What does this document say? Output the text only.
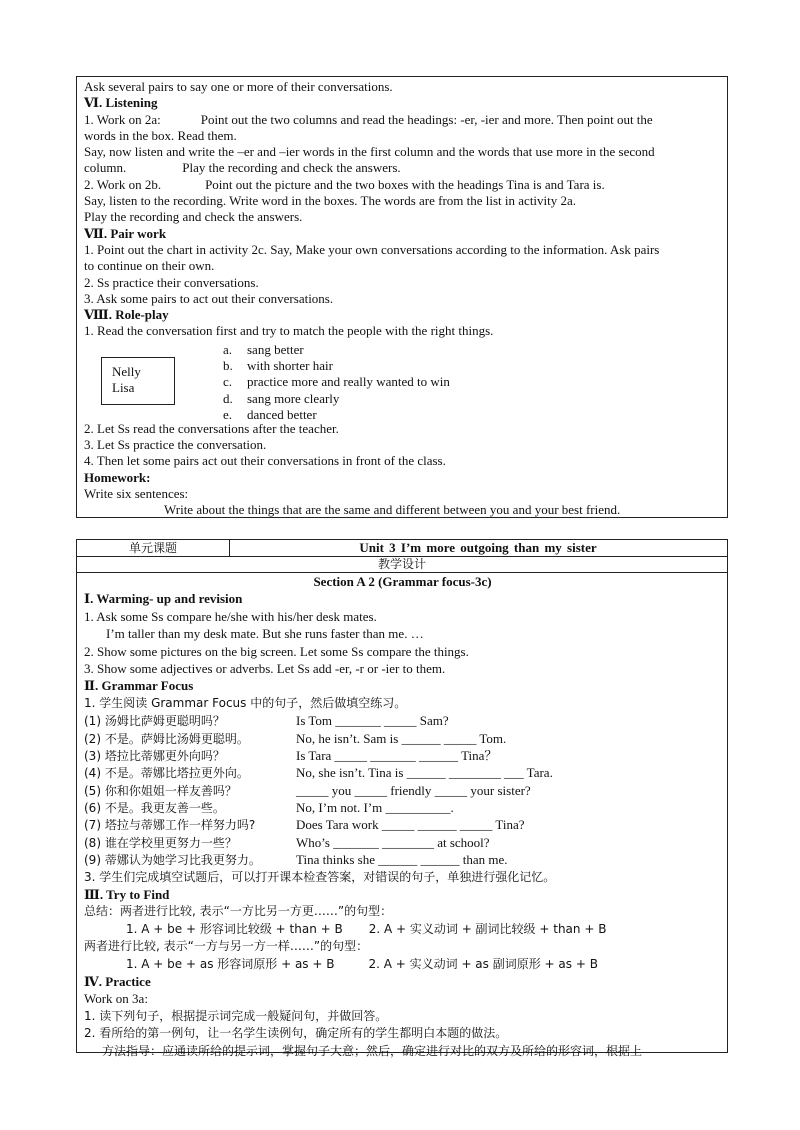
Ask several pairs to say one or more of their conversations.
Ⅵ. Listening
1. Work on 2a:	Point out the two columns and read the headings: -er, -ier and more. Then point out the
words in the box. Read them.
Say, now listen and write the –er and –ier words in the first column and the words that use more in the second
column.	Play the recording and check the answers.
2. Work on 2b.	Point out the picture and the two boxes with the headings Tina is and Tara is.
Say, listen to the recording. Write word in the boxes. The words are from the list in activity 2a.
Play the recording and check the answers.
Ⅶ. Pair work
1. Point out the chart in activity 2c. Say, Make your own conversations according to the information. Ask pairs
to continue on their own.
2. Ss practice their conversations.
3. Ask some pairs to act out their conversations.
Ⅷ. Role-play
1. Read the conversation first and try to match the people with the right things.
Nelly
Lisa
a. sang better
b. with shorter hair
c. practice more and really wanted to win
d. sang more clearly
e. danced better
2. Let Ss read the conversations after the teacher.
3. Let Ss practice the conversation.
4. Then let some pairs act out their conversations in front of the class.
Homework:
Write six sentences:
Write about the things that are the same and different between you and your best friend.
单元课题	Unit 3 I’m more outgoing than my sister
教学设计
Section A 2 (Grammar focus-3c)
Ⅰ. Warming- up and revision
1. Ask some Ss compare he/she with his/her desk mates.
I’m taller than my desk mate. But she runs faster than me. …
2. Show some pictures on the big screen. Let some Ss compare the things.
3. Show some adjectives or adverbs. Let Ss add -er, -r or -ier to them.
Ⅱ. Grammar Focus
1. 学生阅读 Grammar Focus 中的句子，然后做填空练习。
(1) 汤姆比萨姆更聪明吗？	Is Tom _______ _____ Sam?
(2) 不是。萨姆比汤姆更聪明。	No, he isn’t. Sam is ______ _____ Tom.
(3) 塔拉比蒂娜更外向吗？	Is Tara _____ _______ ______ Tina？
(4) 不是。蒂娜比塔拉更外向。	No, she isn’t. Tina is ______ ________ ___ Tara.
(5) 你和你姐姐一样友善吗？	_____ you _____ friendly _____ your sister?
(6) 不是。我更友善一些。	No, I’m not. I’m __________.
(7) 塔拉与蒂娜工作一样努力吗?	Does Tara work _____ ______ _____ Tina?
(8) 谁在学校里更努力一些？	Who’s _______ ________ at school?
(9) 蒂娜认为她学习比我更努力。	Tina thinks she ______ ______ than me.
3. 学生们完成填空试题后，可以打开课本检查答案，对错误的句子，单独进行强化记忆。
Ⅲ. Try to Find
总结：两者进行比较, 表示“一方比另一方更……”的句型：
1. A + be + 形容词比较级 + than + B 2. A + 实义动词 + 副词比较级 + than + B
两者进行比较, 表示“一方与另一方一样……”的句型：
1. A + be + as 形容词原形 + as + B	2. A + 实义动词 + as 副词原形 + as + B
Ⅳ. Practice
Work on 3a:
1. 读下列句子，根据提示词完成一般疑问句，并做回答。
2. 看所给的第一例句，让一名学生读例句，确定所有的学生都明白本题的做法。
方法指导：应通读所给的提示词，掌握句子大意；然后，确定进行对比的双方及所给的形容词，根据上
